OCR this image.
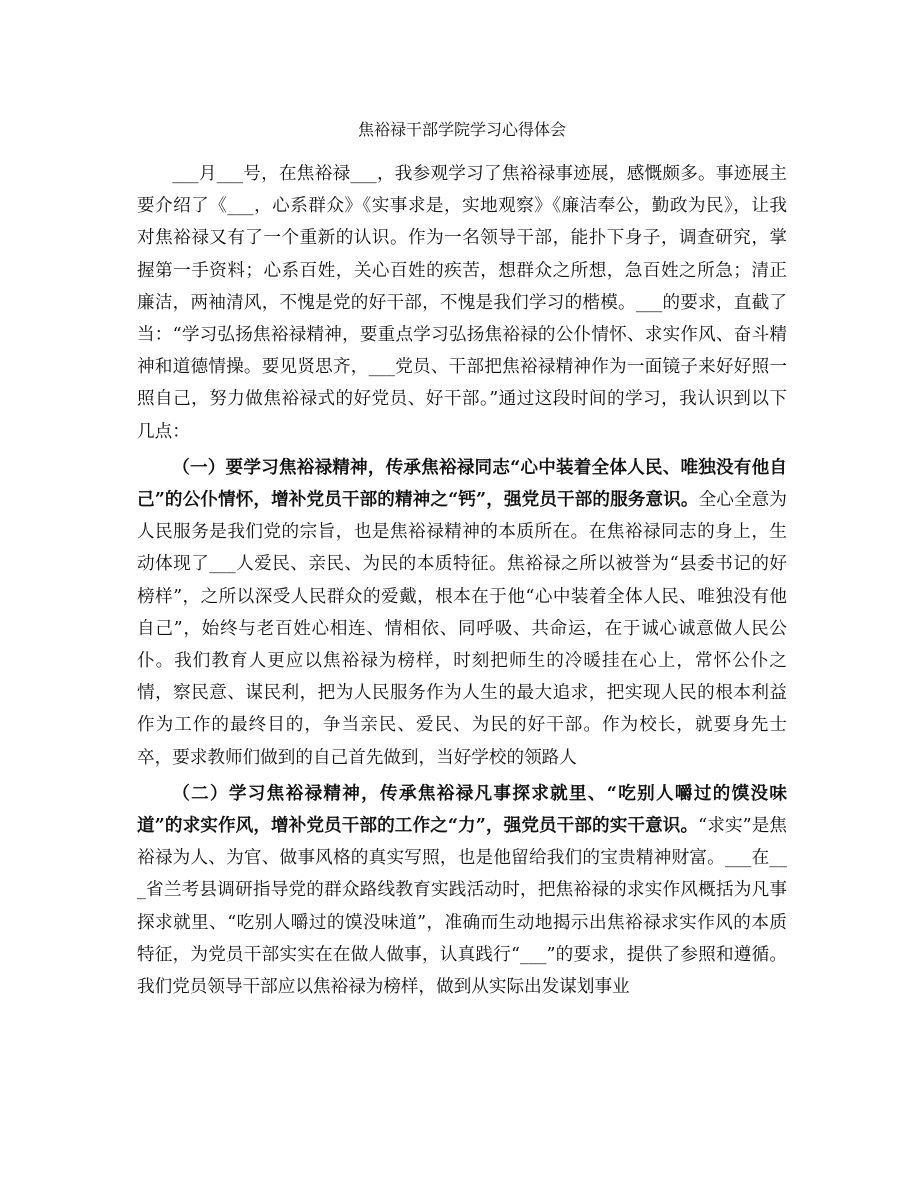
焦裕禄干部学院学习心得体会

___月___号，在焦裕禄___，我参观学习了焦裕禄事迹展，感慨颇多。事迹展主要介绍了《___，心系群众》《实事求是，实地观察》《廉洁奉公，勤政为民》，让我对焦裕禄又有了一个重新的认识。作为一名领导干部，能扑下身子，调查研究，掌握第一手资料；心系百姓，关心百姓的疾苦，想群众之所想，急百姓之所急；清正廉洁，两袖清风，不愧是党的好干部，不愧是我们学习的楷模。___的要求，直截了当：“学习弘扬焦裕禄精神，要重点学习弘扬焦裕禄的公仆情怀、求实作风、奋斗精神和道德情操。要见贤思齐，___党员、干部把焦裕禄精神作为一面镜子来好好照一照自己，努力做焦裕禄式的好党员、好干部。”通过这段时间的学习，我认识到以下几点：

（一）要学习焦裕禄精神，传承焦裕禄同志“心中装着全体人民、唯独没有他自己”的公仆情怀，增补党员干部的精神之“钙”，强党员干部的服务意识。全心全意为人民服务是我们党的宗旨，也是焦裕禄精神的本质所在。在焦裕禄同志的身上，生动体现了___人爱民、亲民、为民的本质特征。焦裕禄之所以被誉为“县委书记的好榜样”，之所以深受人民群众的爱戴，根本在于他“心中装着全体人民、唯独没有他自己”，始终与老百姓心相连、情相依、同呼吸、共命运，在于诚心诚意做人民公仆。我们教育人更应以焦裕禄为榜样，时刻把师生的冷暖挂在心上，常怀公仆之情，察民意、谋民利，把为人民服务作为人生的最大追求，把实现人民的根本利益作为工作的最终目的，争当亲民、爱民、为民的好干部。作为校长，就要身先士卒，要求教师们做到的自己首先做到，当好学校的领路人

（二）学习焦裕禄精神，传承焦裕禄凡事探求就里、“吃别人嚼过的馍没味道”的求实作风，增补党员干部的工作之“力”，强党员干部的实干意识。“求实”是焦裕禄为人、为官、做事风格的真实写照，也是他留给我们的宝贵精神财富。___在___省兰考县调研指导党的群众路线教育实践活动时，把焦裕禄的求实作风概括为凡事探求就里、“吃别人嚼过的馍没味道”，准确而生动地揭示出焦裕禄求实作风的本质特征，为党员干部实实在在做人做事，认真践行“___”的要求，提供了参照和遵循。我们党员领导干部应以焦裕禄为榜样，做到从实际出发谋划事业
